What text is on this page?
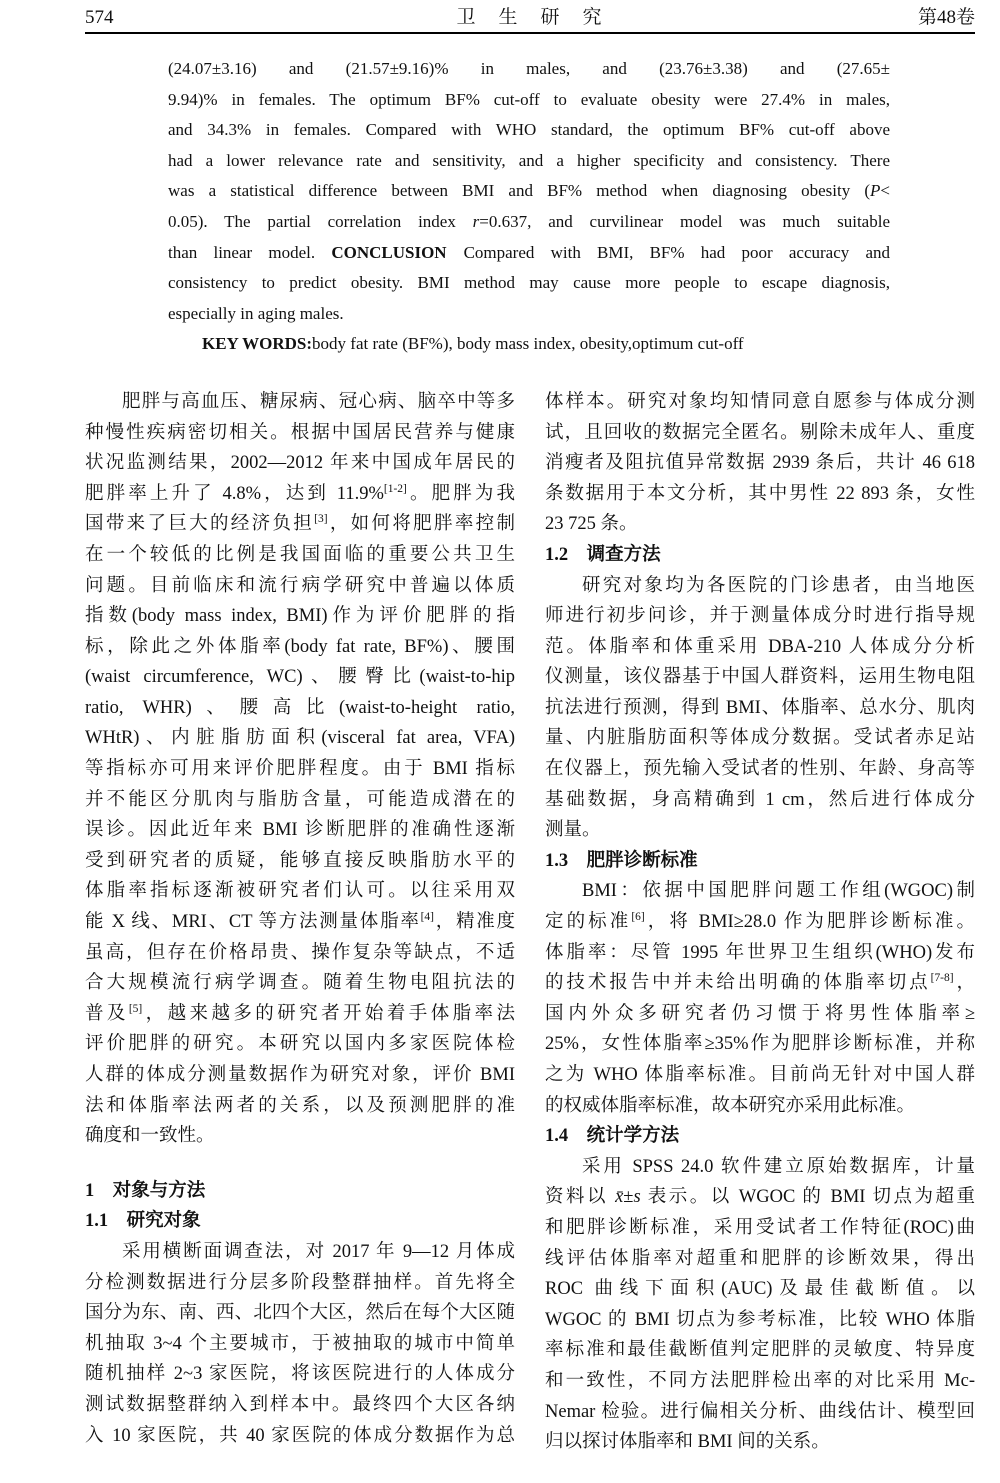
574	卫　生　研　究	第48卷
(24.07±3.16) and (21.57±9.16)% in males, and (23.76±3.38) and (27.65±
9.94)% in females. The optimum BF% cut-off to evaluate obesity were 27.4% in males,
and 34.3% in females. Compared with WHO standard, the optimum BF% cut-off above
had a lower relevance rate and sensitivity, and a higher specificity and consistency. There
was a statistical difference between BMI and BF% method when diagnosing obesity (P<
0.05). The partial correlation index r=0.637, and curvilinear model was much suitable
than linear model. CONCLUSION Compared with BMI, BF% had poor accuracy and
consistency to predict obesity. BMI method may cause more people to escape diagnosis,
especially in aging males.
KEY WORDS:body fat rate (BF%), body mass index, obesity,optimum cut-off
肥胖与高血压、糖尿病、冠心病、脑卒中等多
种慢性疾病密切相关。根据中国居民营养与健康
状况监测结果，2002—2012 年来中国成年居民的
肥胖率上升了 4.8%，达到 11.9%[1-2]。肥胖为我
国带来了巨大的经济负担[3]，如何将肥胖率控制
在一个较低的比例是我国面临的重要公共卫生
问题。目前临床和流行病学研究中普遍以体质
指数(body mass index, BMI)作为评价肥胖的指
标，除此之外体脂率(body fat rate, BF%)、腰围
(waist circumference, WC)、腰臀比(waist-to-hip
ratio, WHR)、腰高比(waist-to-height ratio,
WHtR)、内脏脂肪面积(visceral fat area, VFA)
等指标亦可用来评价肥胖程度。由于 BMI 指标
并不能区分肌肉与脂肪含量，可能造成潜在的
误诊。因此近年来 BMI 诊断肥胖的准确性逐渐
受到研究者的质疑，能够直接反映脂肪水平的
体脂率指标逐渐被研究者们认可。以往采用双
能 X 线、MRI、CT 等方法测量体脂率[4]，精准度
虽高，但存在价格昂贵、操作复杂等缺点，不适
合大规模流行病学调查。随着生物电阻抗法的
普及[5]，越来越多的研究者开始着手体脂率法
评价肥胖的研究。本研究以国内多家医院体检
人群的体成分测量数据作为研究对象，评价 BMI
法和体脂率法两者的关系，以及预测肥胖的准
确度和一致性。
1　对象与方法
1.1　研究对象
采用横断面调查法，对 2017 年 9—12 月体成
分检测数据进行分层多阶段整群抽样。首先将全
国分为东、南、西、北四个大区，然后在每个大区随
机抽取 3~4 个主要城市，于被抽取的城市中简单
随机抽样 2~3 家医院，将该医院进行的人体成分
测试数据整群纳入到样本中。最终四个大区各纳
入 10 家医院，共 40 家医院的体成分数据作为总
体样本。研究对象均知情同意自愿参与体成分测
试，且回收的数据完全匿名。剔除未成年人、重度
消瘦者及阻抗值异常数据 2939 条后，共计 46 618
条数据用于本文分析，其中男性 22 893 条，女性
23 725 条。
1.2　调查方法
研究对象均为各医院的门诊患者，由当地医
师进行初步问诊，并于测量体成分时进行指导规
范。体脂率和体重采用 DBA-210 人体成分分析
仪测量，该仪器基于中国人群资料，运用生物电阻
抗法进行预测，得到 BMI、体脂率、总水分、肌肉
量、内脏脂肪面积等体成分数据。受试者赤足站
在仪器上，预先输入受试者的性别、年龄、身高等
基础数据，身高精确到 1 cm，然后进行体成分
测量。
1.3　肥胖诊断标准
BMI：依据中国肥胖问题工作组(WGOC)制
定的标准[6]，将 BMI≥28.0 作为肥胖诊断标准。
体脂率：尽管 1995 年世界卫生组织(WHO)发布
的技术报告中并未给出明确的体脂率切点[7-8]，
国内外众多研究者仍习惯于将男性体脂率≥
25%，女性体脂率≥35%作为肥胖诊断标准，并称
之为 WHO 体脂率标准。目前尚无针对中国人群
的权威体脂率标准，故本研究亦采用此标准。
1.4　统计学方法
采用 SPSS 24.0 软件建立原始数据库，计量
资料以 x̄±s 表示。以 WGOC 的 BMI 切点为超重
和肥胖诊断标准，采用受试者工作特征(ROC)曲
线评估体脂率对超重和肥胖的诊断效果，得出
ROC 曲线下面积(AUC)及最佳截断值。以
WGOC 的 BMI 切点为参考标准，比较 WHO 体脂
率标准和最佳截断值判定肥胖的灵敏度、特异度
和一致性，不同方法肥胖检出率的对比采用 Mc-
Nemar 检验。进行偏相关分析、曲线估计、模型回
归以探讨体脂率和 BMI 间的关系。
